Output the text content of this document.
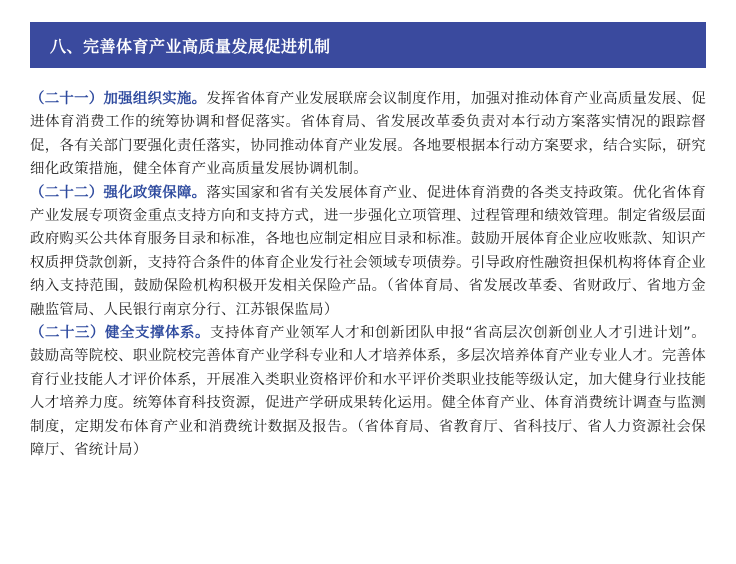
八、完善体育产业高质量发展促进机制

（二十一）加强组织实施。发挥省体育产业发展联席会议制度作用，加强对推动体育产业高质量发展、促进体育消费工作的统筹协调和督促落实。省体育局、省发展改革委负责对本行动方案落实情况的跟踪督促，各有关部门要强化责任落实，协同推动体育产业发展。各地要根据本行动方案要求，结合实际，研究细化政策措施，健全体育产业高质量发展协调机制。

（二十二）强化政策保障。落实国家和省有关发展体育产业、促进体育消费的各类支持政策。优化省体育产业发展专项资金重点支持方向和支持方式，进一步强化立项管理、过程管理和绩效管理。制定省级层面政府购买公共体育服务目录和标准，各地也应制定相应目录和标准。鼓励开展体育企业应收账款、知识产权质押贷款创新，支持符合条件的体育企业发行社会领域专项债券。引导政府性融资担保机构将体育企业纳入支持范围，鼓励保险机构积极开发相关保险产品。（省体育局、省发展改革委、省财政厅、省地方金融监管局、人民银行南京分行、江苏银保监局）

（二十三）健全支撑体系。支持体育产业领军人才和创新团队申报“省高层次创新创业人才引进计划”。鼓励高等院校、职业院校完善体育产业学科专业和人才培养体系，多层次培养体育产业专业人才。完善体育行业技能人才评价体系，开展准入类职业资格评价和水平评价类职业技能等级认定，加大健身行业技能人才培养力度。统筹体育科技资源，促进产学研成果转化运用。健全体育产业、体育消费统计调查与监测制度，定期发布体育产业和消费统计数据及报告。（省体育局、省教育厅、省科技厅、省人力资源社会保障厅、省统计局）
